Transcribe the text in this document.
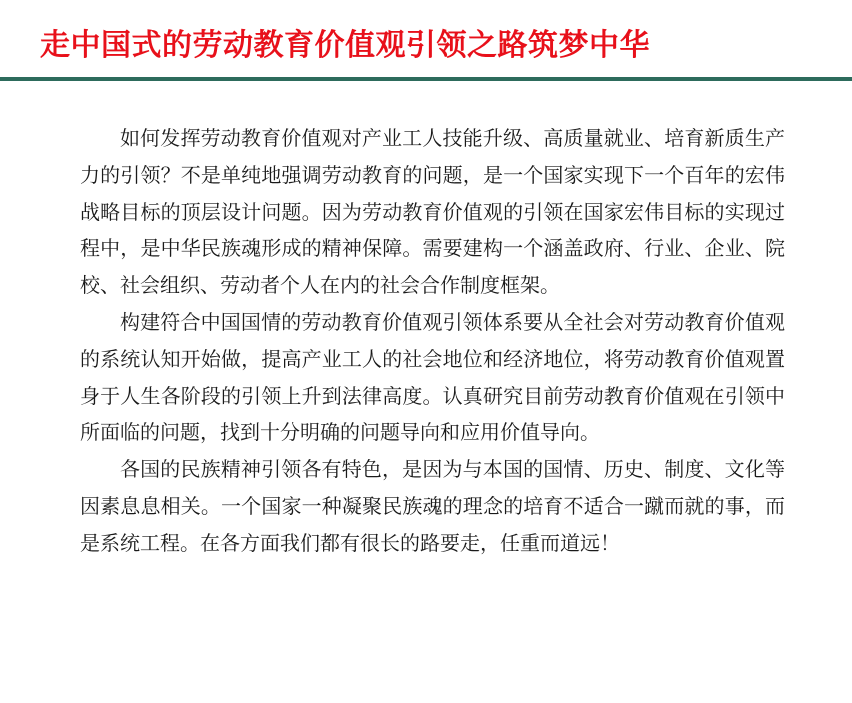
走中国式的劳动教育价值观引领之路筑梦中华

如何发挥劳动教育价值观对产业工人技能升级、高质量就业、培育新质生产力的引领？不是单纯地强调劳动教育的问题，是一个国家实现下一个百年的宏伟战略目标的顶层设计问题。因为劳动教育价值观的引领在国家宏伟目标的实现过程中，是中华民族魂形成的精神保障。需要建构一个涵盖政府、行业、企业、院校、社会组织、劳动者个人在内的社会合作制度框架。

构建符合中国国情的劳动教育价值观引领体系要从全社会对劳动教育价值观的系统认知开始做，提高产业工人的社会地位和经济地位，将劳动教育价值观置身于人生各阶段的引领上升到法律高度。认真研究目前劳动教育价值观在引领中所面临的问题，找到十分明确的问题导向和应用价值导向。

各国的民族精神引领各有特色，是因为与本国的国情、历史、制度、文化等因素息息相关。一个国家一种凝聚民族魂的理念的培育不适合一蹴而就的事，而是系统工程。在各方面我们都有很长的路要走，任重而道远！
